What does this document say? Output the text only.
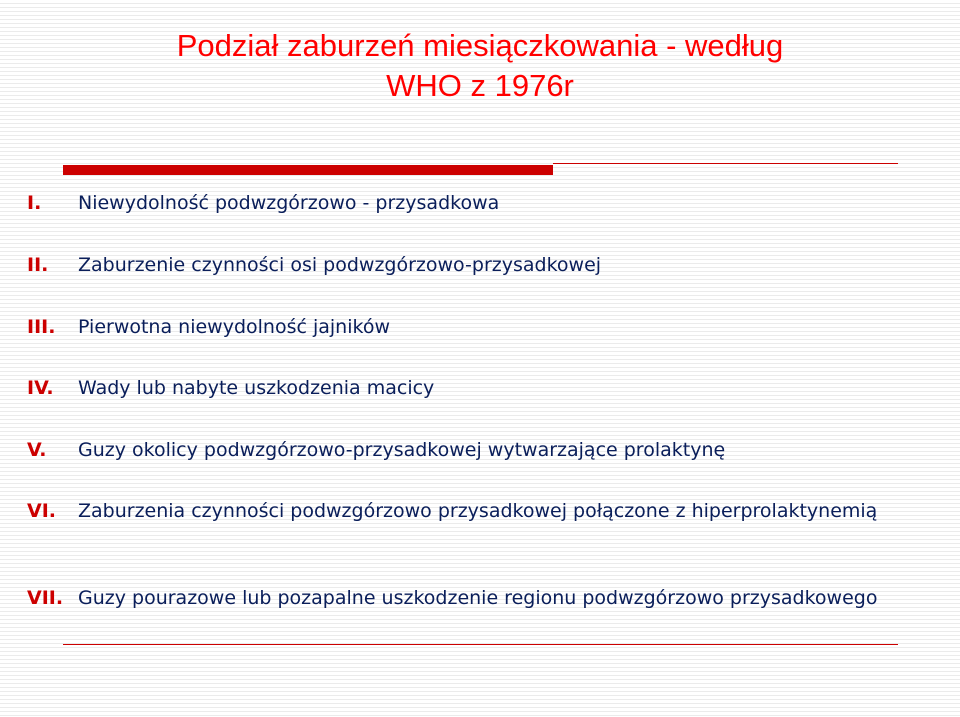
Podział zaburzeń miesiączkowania - według
WHO z 1976r
I.	Niewydolność podwzgórzowo - przysadkowa
II.	Zaburzenie czynności osi podwzgórzowo-przysadkowej
III.	Pierwotna niewydolność jajników
IV.	Wady lub nabyte uszkodzenia macicy
V.	Guzy okolicy podwzgórzowo-przysadkowej wytwarzające prolaktynę
VI.	Zaburzenia czynności podwzgórzowo przysadkowej połączone z hiperprolaktynemią
VII. Guzy pourazowe lub pozapalne uszkodzenie regionu podwzgórzowo przysadkowego
